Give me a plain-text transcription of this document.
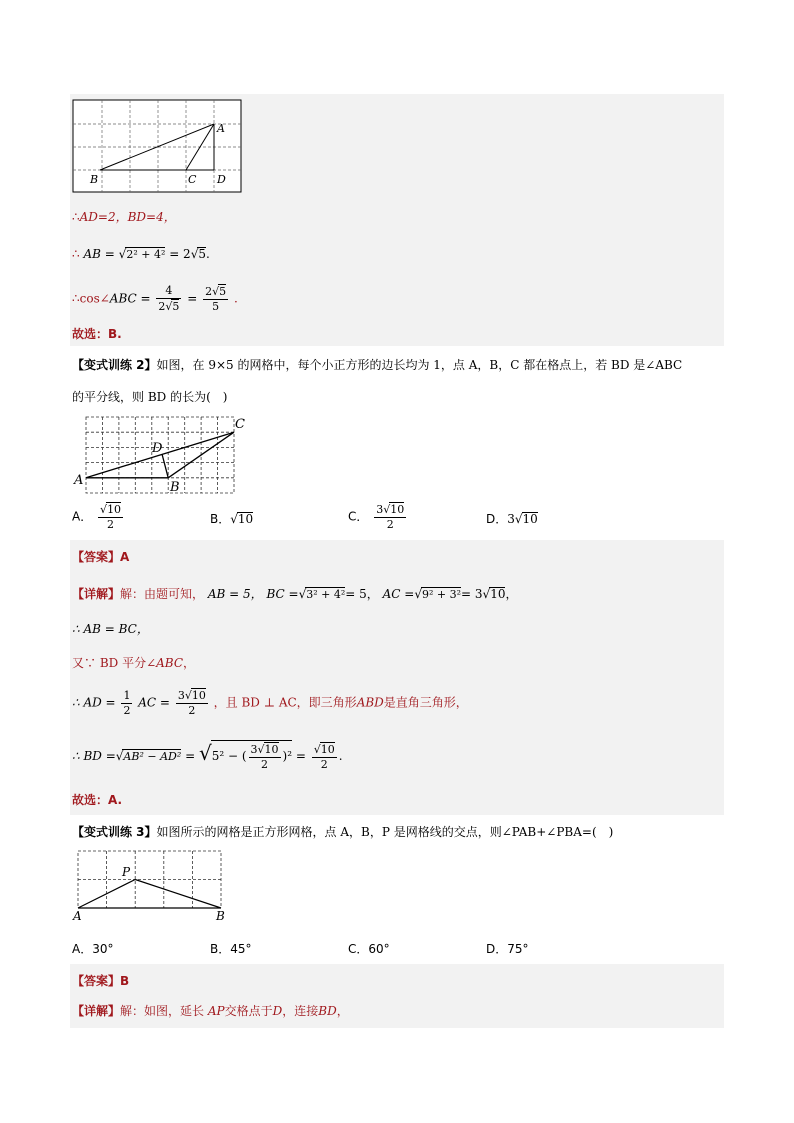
A
B	C D
∴AD=2，BD=4，
∴ AB = √2² + 4² = 2√5.
∴cos∠ABC = $\frac{4}{2√5} = \frac{2√5}{5}$ .
故选：B.
【变式训练 2】如图，在 9×5 的网格中，每个小正方形的边长均为 1，点 A，B，C 都在格点上，若 BD 是∠ABC
的平分线，则 BD 的长为(　)
A	B
C
D
A． $\frac{√10}{2}$	B．√10	C． $\frac{3√10}{2}$	D．3√10
【答案】A
【详解】解：由题可知， AB = 5， BC =√3² + 4²= 5， AC =√9² + 3²= 3√10，
∴ AB = BC，
又∵ BD 平分∠ABC，
∴ AD = $\frac{1}{2}$ AC = $\frac{3√10}{2}$ ，且 BD ⊥ AC，即三角形ABD是直角三角形，
∴ BD =√AB² − AD² = √5² − ( $\frac{3√10}{2} )^2 = \frac{√10}{2}$ .
故选：A.
【变式训练 3】如图所示的网格是正方形网格，点 A，B，P 是网格线的交点，则∠PAB+∠PBA=(　)
A	B
P
A．30°	B．45°	C．60°	D．75°
【答案】B
【详解】解：如图，延长 AP交格点于D，连接BD，
